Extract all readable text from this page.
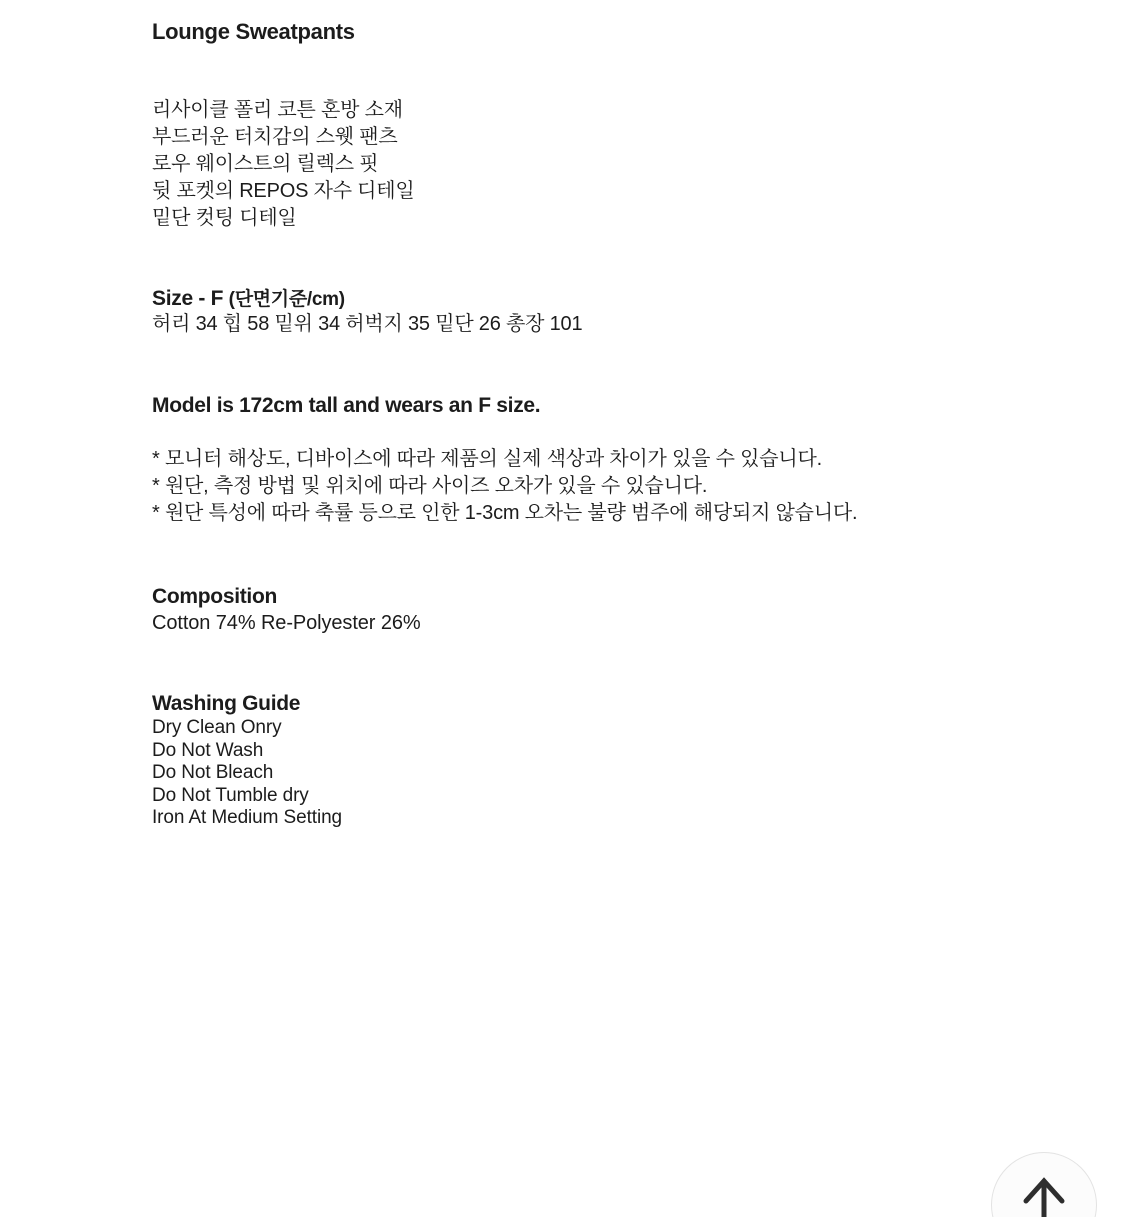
Lounge Sweatpants
리사이클 폴리 코튼 혼방 소재
부드러운 터치감의 스웻 팬츠
로우 웨이스트의 릴렉스 핏
뒷 포켓의 REPOS 자수 디테일
밑단 컷팅 디테일
Size - F (단면기준/cm)
허리 34 힙 58 밑위 34 허벅지 35 밑단 26 총장 101
Model is 172cm tall and wears an F size.
* 모니터 해상도, 디바이스에 따라 제품의 실제 색상과 차이가 있을 수 있습니다.
* 원단, 측정 방법 및 위치에 따라 사이즈 오차가 있을 수 있습니다.
* 원단 특성에 따라 축률 등으로 인한 1-3cm 오차는 불량 범주에 해당되지 않습니다.
Composition
Cotton 74% Re-Polyester 26%
Washing Guide
Dry Clean Onry
Do Not Wash
Do Not Bleach
Do Not Tumble dry
Iron At Medium Setting
